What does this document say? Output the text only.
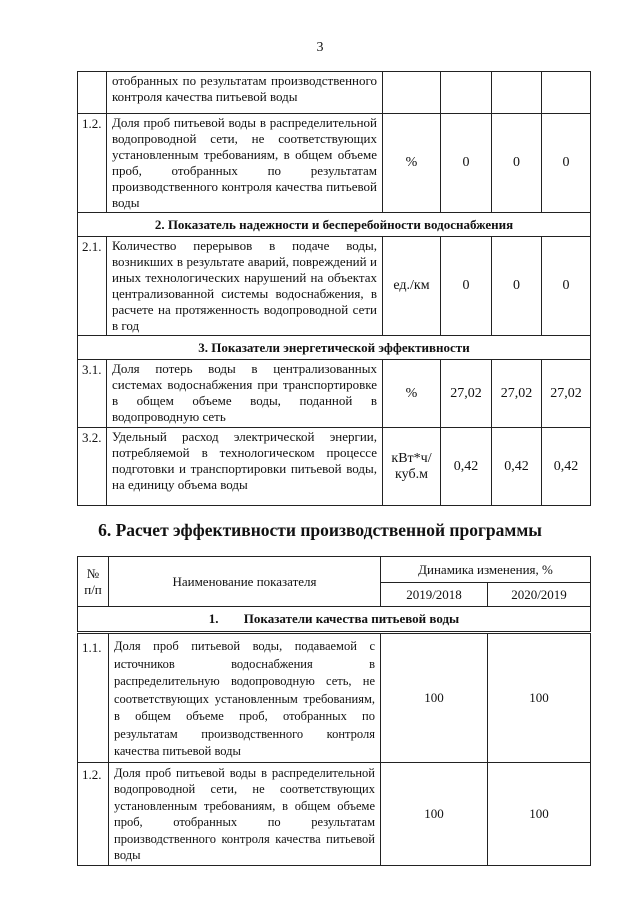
3
	отобранных по результатам производственного контроля качества питьевой воды				
1.2.	Доля проб питьевой воды в распределительной водопроводной сети, не соответствующих установленным требованиям, в общем объеме проб, отобранных по результатам производственного контроля качества питьевой воды	%	0	0	0
2. Показатель надежности и бесперебойности водоснабжения					
2.1.	Количество перерывов в подаче воды, возникших в результате аварий, повреждений и иных технологических нарушений на объектах централизованной системы водоснабжения, в расчете на протяженность водопроводной сети в год	ед./км	0	0	0
3. Показатели энергетической эффективности					
3.1.	Доля потерь воды в централизованных системах водоснабжения при транспортировке в общем объеме воды, поданной в водопроводную сеть	%	27,02	27,02	27,02
3.2.	Удельный расход электрической энергии, потребляемой в технологическом процессе подготовки и транспортировки питьевой воды, на единицу объема воды	кВт*ч/ куб.м	0,42	0,42	0,42
6. Расчет эффективности производственной программы
№ п/п	Наименование показателя	Динамика изменения, %	
		2019/2018	2020/2019
1. Показатели качества питьевой воды			
1.1.	Доля проб питьевой воды, подаваемой с источников водоснабжения в распределительную водопроводную сеть, не соответствующих установленным требованиям, в общем объеме проб, отобранных по результатам производственного контроля качества питьевой воды	100	100
1.2.	Доля проб питьевой воды в распределительной водопроводной сети, не соответствующих установленным требованиям, в общем объеме проб, отобранных по результатам производственного контроля качества питьевой воды	100	100
